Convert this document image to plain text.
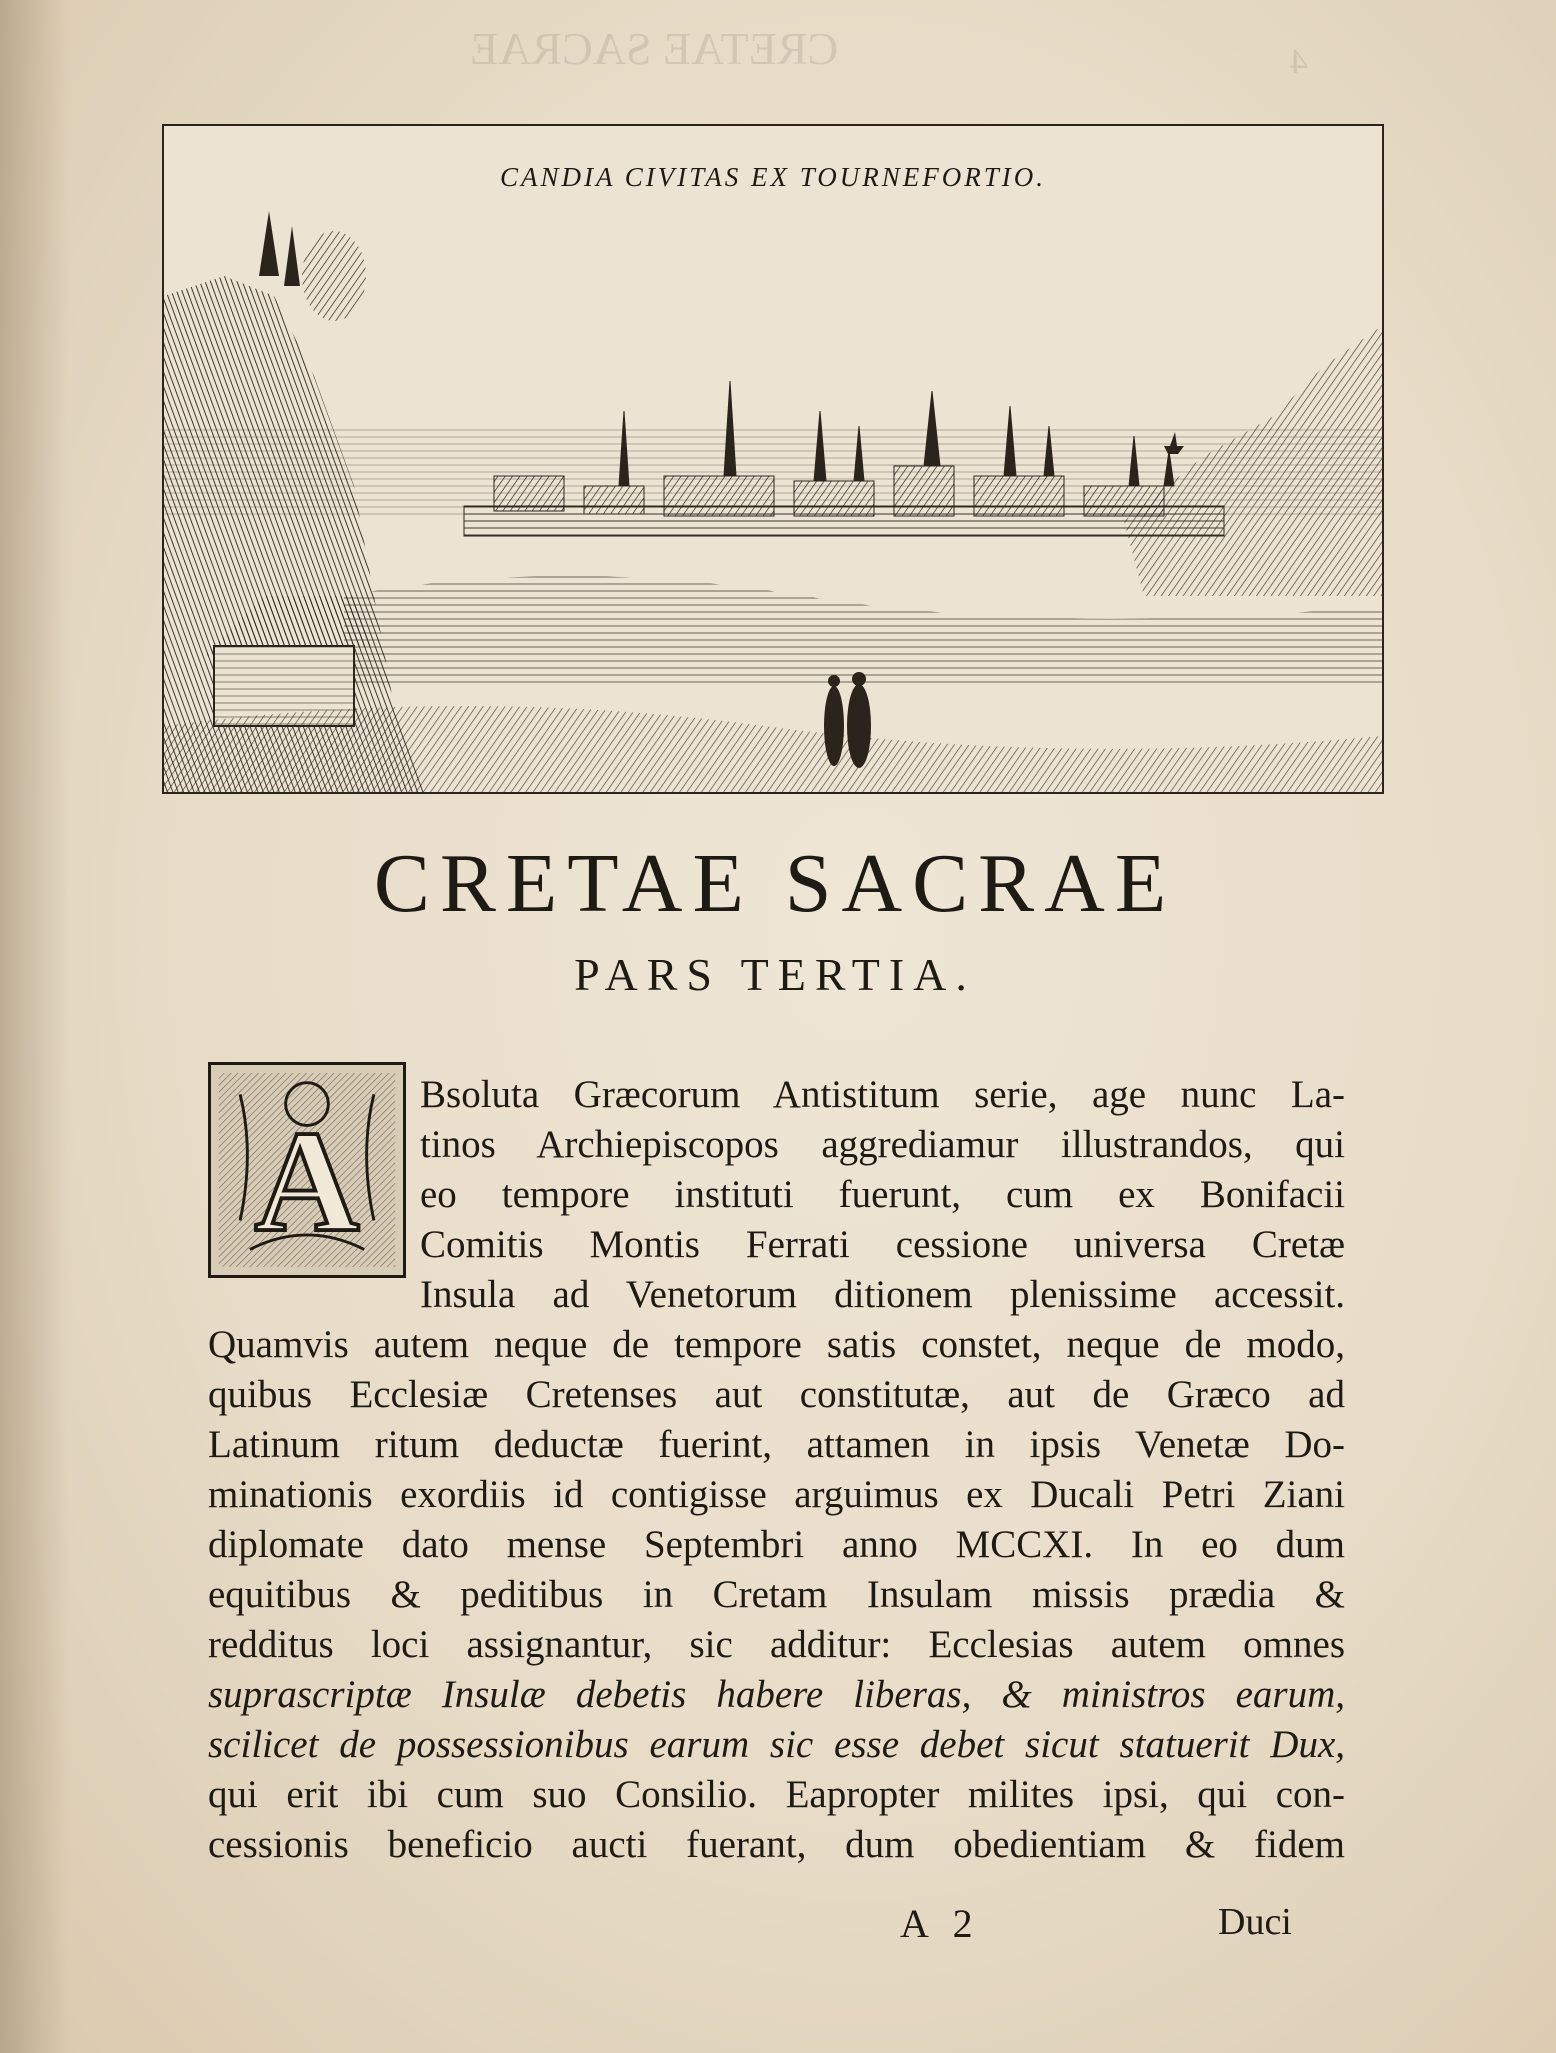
CRETAE SACRAE	4
CANDIA CIVITAS EX TOURNEFORTIO.
CRETAE SACRAE
PARS TERTIA.
A
Bsoluta Græcorum Antistitum serie, age nunc La-
tinos Archiepiscopos aggrediamur illustrandos, qui
eo tempore instituti fuerunt, cum ex Bonifacii
Comitis Montis Ferrati cessione universa Cretæ
Insula ad Venetorum ditionem plenissime accessit.
Quamvis autem neque de tempore satis constet, neque de modo,
quibus Ecclesiæ Cretenses aut constitutæ, aut de Græco ad
Latinum ritum deductæ fuerint, attamen in ipsis Venetæ Do-
minationis exordiis id contigisse arguimus ex Ducali Petri Ziani
diplomate dato mense Septembri anno MCCXI. In eo dum
equitibus & peditibus in Cretam Insulam missis prædia &
redditus loci assignantur, sic additur: Ecclesias autem omnes
suprascriptæ Insulæ debetis habere liberas, & ministros earum,
scilicet de possessionibus earum sic esse debet sicut statuerit Dux,
qui erit ibi cum suo Consilio. Eapropter milites ipsi, qui con-
cessionis beneficio aucti fuerant, dum obedientiam & fidem
A 2	Duci
